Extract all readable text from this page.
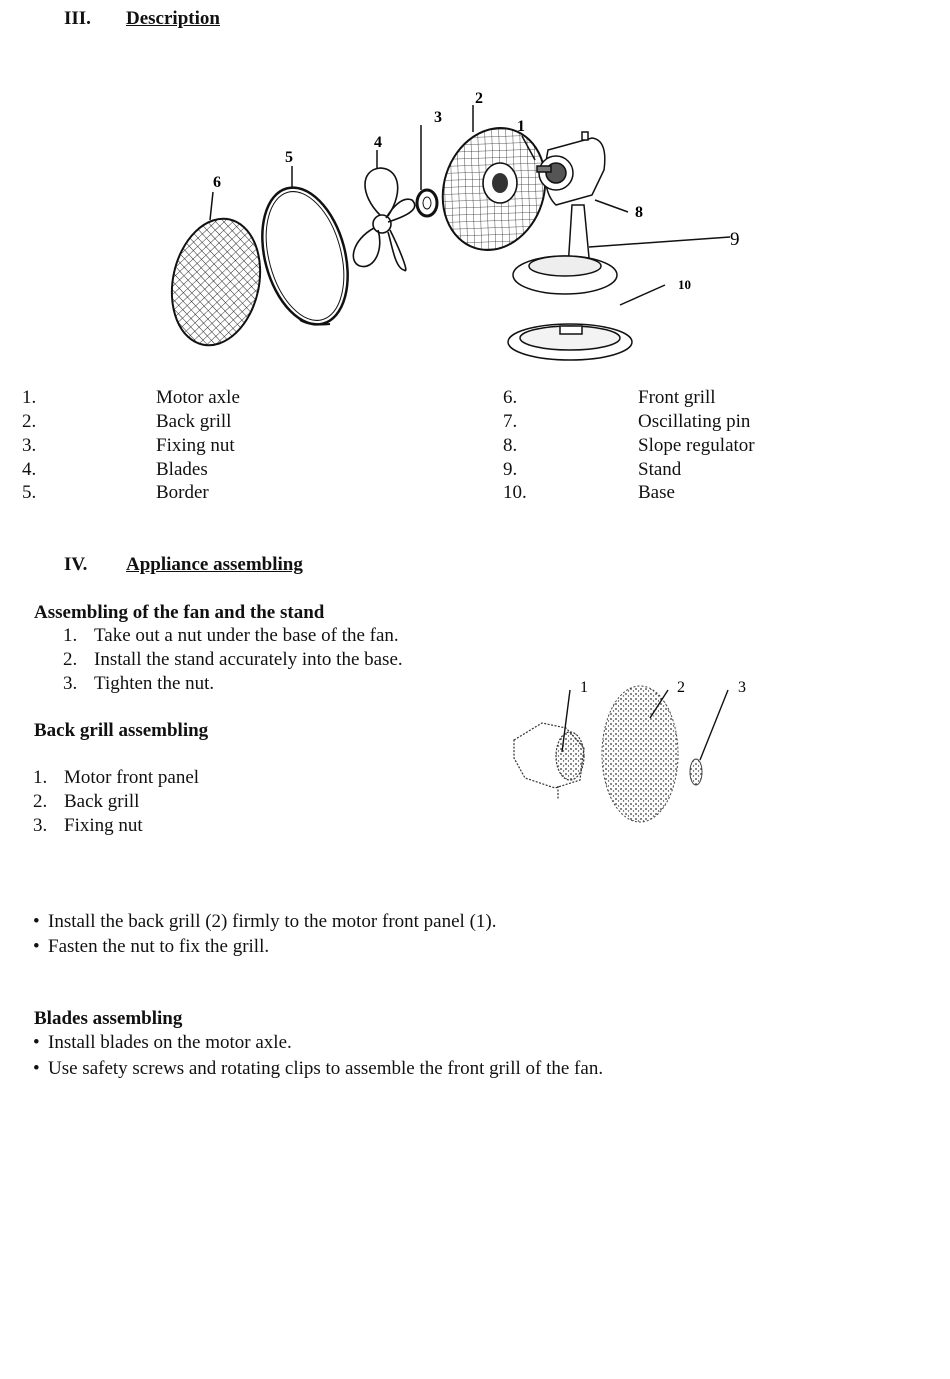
III. Description
1
2
3
4
5
6
8
9
10
1.	Motor axle
2.	Back grill
3.	Fixing nut
4.	Blades
5.	Border
6.	Front grill
7.	Oscillating pin
8.	Slope regulator
9.	Stand
10.	Base
IV. Appliance assembling
Assembling of the fan and the stand
1. Take out a nut under the base of the fan.
2. Install the stand accurately into the base.
3. Tighten the nut.
Back grill assembling
1. Motor front panel
2. Back grill
3. Fixing nut
1	2	3
• Install the back grill (2) firmly to the motor front panel (1).
• Fasten the nut to fix the grill.
Blades assembling
• Install blades on the motor axle.
• Use safety screws and rotating clips to assemble the front grill of the fan.
